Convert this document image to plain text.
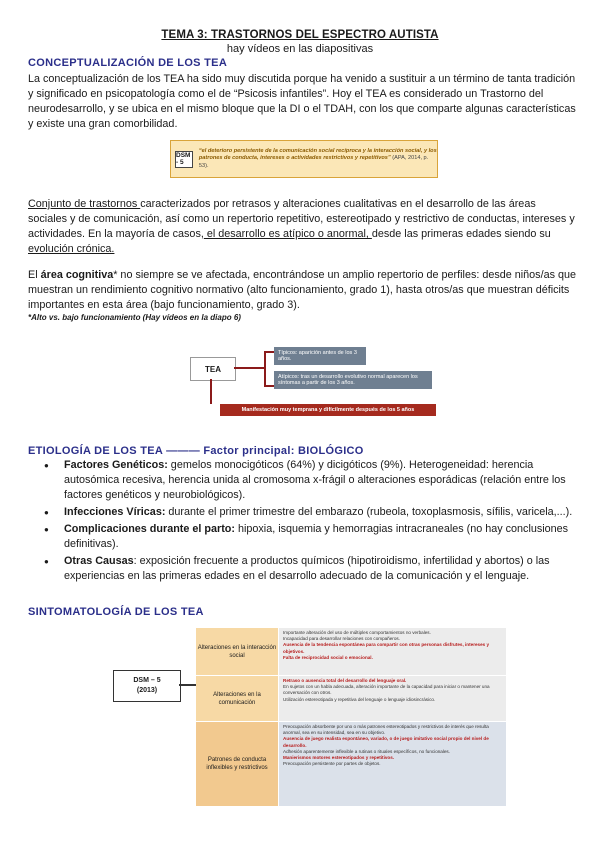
TEMA 3: TRASTORNOS DEL ESPECTRO AUTISTA
hay vídeos en las diapositivas
CONCEPTUALIZACIÓN DE LOS TEA
La conceptualización de los TEA ha sido muy discutida porque ha venido a sustituir a un término de tanta tradición y significado en psicopatología como el de “Psicosis infantiles”. Hoy el TEA es considerado un Trastorno del neurodesarrollo, y se ubica en el mismo bloque que la DI o el TDAH, con los que comparte algunas características y existe una gran comorbilidad.
DSM - 5
“el deterioro persistente de la comunicación social recíproca y la interacción social, y los patrones de conducta, intereses o actividades restrictivos y repetitivos” (APA, 2014, p. 53).
Conjunto de trastornos caracterizados por retrasos y alteraciones cualitativas en el desarrollo de las áreas sociales y de comunicación, así como un repertorio repetitivo, estereotipado y restrictivo de conductas, intereses y actividades. En la mayoría de casos, el desarrollo es atípico o anormal, desde las primeras edades siendo su evolución crónica.
El área cognitiva* no siempre se ve afectada, encontrándose un amplio repertorio de perfiles: desde niños/as que muestran un rendimiento cognitivo normativo (alto funcionamiento, grado 1), hasta otros/as que muestran déficits importantes en esta área (bajo funcionamiento, grado 3).
*Alto vs. bajo funcionamiento (Hay vídeos en la diapo 6)
TEA
Típicos: aparición antes de los 3 años.
Atípicos: tras un desarrollo evolutivo normal aparecen los síntomas a partir de los 3 años.
Manifestación muy temprana y difícilmente después de los 5 años
ETIOLOGÍA DE LOS TEA ——— Factor principal: BIOLÓGICO
● Factores Genéticos: gemelos monocigóticos (64%) y dicigóticos (9%). Heterogeneidad: herencia autosómica recesiva, herencia unida al cromosoma x-frágil o alteraciones esporádicas (relación entre los factores genéticos y neurobiológicos).
● Infecciones Víricas: durante el primer trimestre del embarazo (rubeola, toxoplasmosis, sífilis, varicela,...).
● Complicaciones durante el parto: hipoxia, isquemia y hemorragias intracraneales (no hay conclusiones definitivas).
● Otras Causas: exposición frecuente a productos químicos (hipotiroidismo, infertilidad y abortos) o las experiencias en las primeras edades en el desarrollo adecuado de la comunicación y el lenguaje.
SINTOMATOLOGÍA DE LOS TEA
DSM – 5
(2013)
Alteraciones en la interacción social
Importante alteración del uso de múltiples comportamientos no verbales.
Incapacidad para desarrollar relaciones con compañeros.
Ausencia de la tendencia espontánea para compartir con otras personas disfrutes, intereses y objetivos.
Falta de reciprocidad social o emocional.
Alteraciones en la comunicación
Retraso o ausencia total del desarrollo del lenguaje oral.
En sujetos con un habla adecuada, alteración importante de la capacidad para iniciar o mantener una conversación con otros.
Utilización estereotipada y repetitiva del lenguaje o lenguaje idiosincrásico.
Patrones de conducta inflexibles y restrictivos
Preocupación absorbente por uno o más patrones estereotipados y restrictivos de interés que resulta anormal, sea en su intensidad, sea en su objetivo.
Ausencia de juego realista espontáneo, variado, o de juego imitativo social propio del nivel de desarrollo.
Adhesión aparentemente inflexible a rutinas o rituales específicos, no funcionales.
Manierismos motores estereotipados y repetitivos.
Preocupación persistente por partes de objetos.
